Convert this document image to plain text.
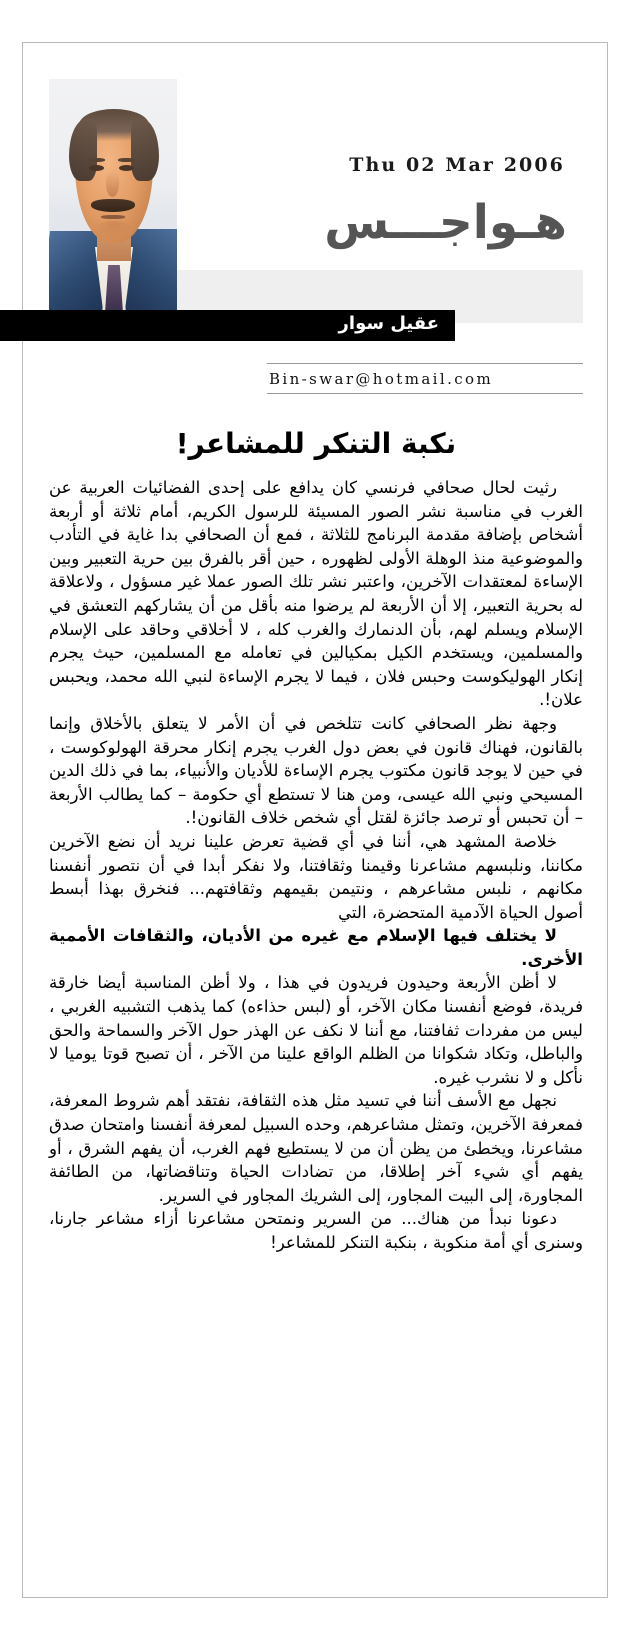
Thu 02 Mar 2006
هـواجـــس
عقيل سوار
Bin-swar@hotmail.com
نكبة التنكر للمشاعر!

رثيت لحال صحافي فرنسي كان يدافع على إحدى الفضائيات العربية عن الغرب في مناسبة نشر الصور المسيئة للرسول الكريم، أمام ثلاثة أو أربعة أشخاص بإضافة مقدمة البرنامج للثلاثة ، فمع أن الصحافي بدا غاية في التأدب والموضوعية منذ الوهلة الأولى لظهوره ، حين أقر بالفرق بين حرية التعبير وبين الإساءة لمعتقدات الآخرين، واعتبر نشر تلك الصور عملا غير مسؤول ، ولاعلاقة له بحرية التعبير، إلا أن الأربعة لم يرضوا منه بأقل من أن يشاركهم التعشق في الإسلام ويسلم لهم، بأن الدنمارك والغرب كله ، لا أخلاقي وحاقد على الإسلام والمسلمين، ويستخدم الكيل بمكيالين في تعامله مع المسلمين، حيث يجرم إنكار الهوليكوست وحبس فلان ، فيما لا يجرم الإساءة لنبي الله محمد، ويحبس علان!.

وجهة نظر الصحافي كانت تتلخص في أن الأمر لا يتعلق بالأخلاق وإنما بالقانون، فهناك قانون في بعض دول الغرب يجرم إنكار محرقة الهولوكوست ، في حين لا يوجد قانون مكتوب يجرم الإساءة للأديان والأنبياء، بما في ذلك الدين المسيحي ونبي الله عيسى، ومن هنا لا تستطع أي حكومة – كما يطالب الأربعة – أن تحبس أو ترصد جائزة لقتل أي شخص خلاف القانون!.

خلاصة المشهد هي، أننا في أي قضية تعرض علينا نريد أن نضع الآخرين مكاننا، ونلبسهم مشاعرنا وقيمنا وثقافتنا، ولا نفكر أبدا في أن نتصور أنفسنا مكانهم ، نلبس مشاعرهم ، ونتيمن بقيمهم وثقافتهم... فنخرق بهذا أبسط أصول الحياة الآدمية المتحضرة، التي

لا يختلف فيها الإسلام مع غيره من الأديان، والثقافات الأممية الأخرى.

لا أظن الأربعة وحيدون فريدون في هذا ، ولا أظن المناسبة أيضا خارقة فريدة، فوضع أنفسنا مكان الآخر، أو (لبس حذاءه) كما يذهب التشبيه الغربي ، ليس من مفردات ثفافتنا، مع أننا لا نكف عن الهذر حول الآخر والسماحة والحق والباطل، وتكاد شكوانا من الظلم الواقع علينا من الآخر ، أن تصبح قوتا يوميا لا نأكل و لا نشرب غيره.

نجهل مع الأسف أننا في تسيد مثل هذه الثقافة، نفتقد أهم شروط المعرفة، فمعرفة الآخرين، وتمثل مشاعرهم، وحده السبيل لمعرفة أنفسنا وامتحان صدق مشاعرنا، ويخطئ من يظن أن من لا يستطيع فهم الغرب، أن يفهم الشرق ، أو يفهم أي شيء آخر إطلاقا، من تضادات الحياة وتناقضاتها، من الطائفة المجاورة، إلى البيت المجاور، إلى الشريك المجاور في السرير.

دعونا نبدأ من هناك... من السرير ونمتحن مشاعرنا أزاء مشاعر جارنا، وسنرى أي أمة منكوبة ، بنكبة التنكر للمشاعر!
